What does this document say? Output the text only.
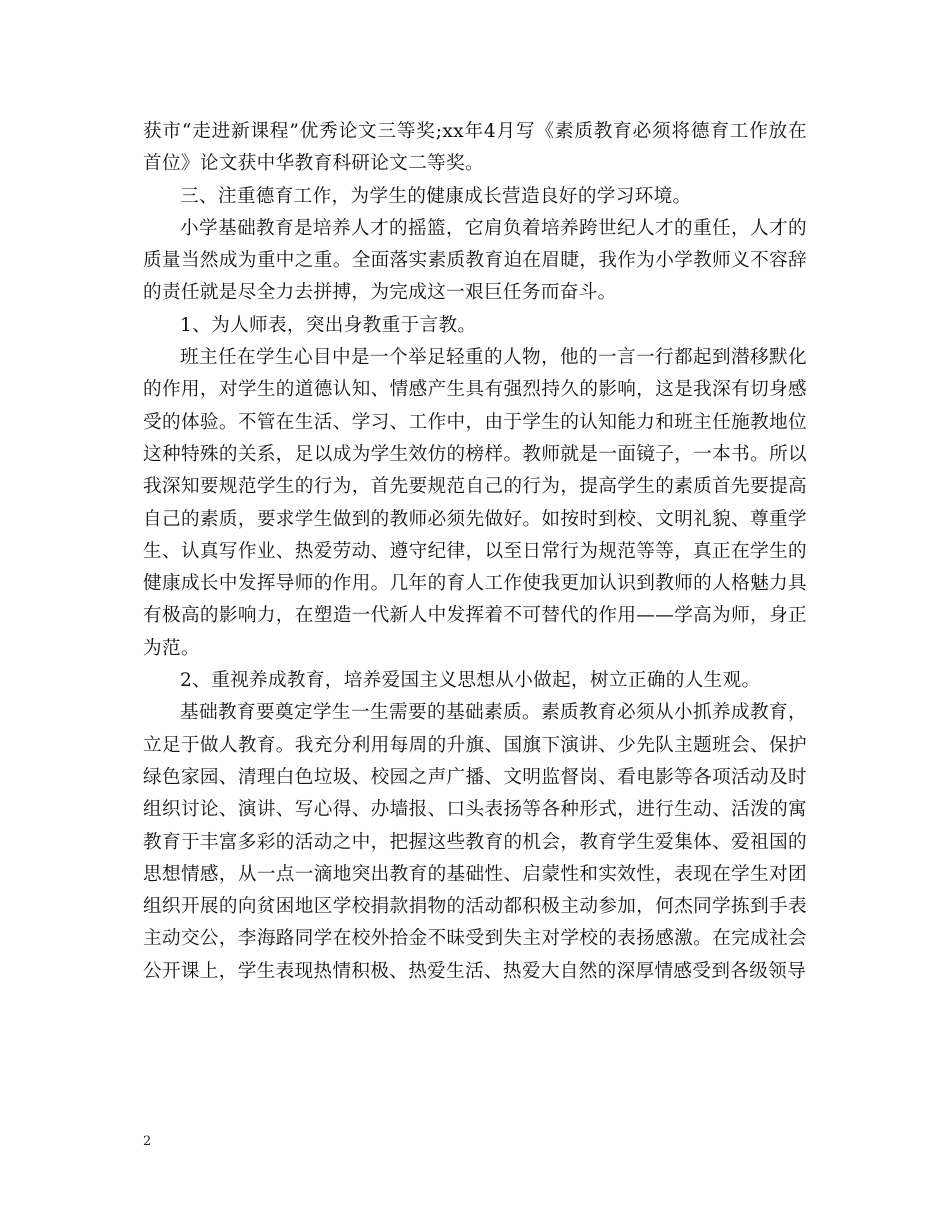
获市“走进新课程”优秀论文三等奖;xx年4月写《素质教育必须将德育工作放在首位》论文获中华教育科研论文二等奖。

三、注重德育工作，为学生的健康成长营造良好的学习环境。

小学基础教育是培养人才的摇篮，它肩负着培养跨世纪人才的重任，人才的质量当然成为重中之重。全面落实素质教育迫在眉睫，我作为小学教师义不容辞的责任就是尽全力去拼搏，为完成这一艰巨任务而奋斗。

1、为人师表，突出身教重于言教。

班主任在学生心目中是一个举足轻重的人物，他的一言一行都起到潜移默化的作用，对学生的道德认知、情感产生具有强烈持久的影响，这是我深有切身感受的体验。不管在生活、学习、工作中，由于学生的认知能力和班主任施教地位这种特殊的关系，足以成为学生效仿的榜样。教师就是一面镜子，一本书。所以我深知要规范学生的行为，首先要规范自己的行为，提高学生的素质首先要提高自己的素质，要求学生做到的教师必须先做好。如按时到校、文明礼貌、尊重学生、认真写作业、热爱劳动、遵守纪律，以至日常行为规范等等，真正在学生的健康成长中发挥导师的作用。几年的育人工作使我更加认识到教师的人格魅力具有极高的影响力，在塑造一代新人中发挥着不可替代的作用——学高为师，身正为范。

2、重视养成教育，培养爱国主义思想从小做起，树立正确的人生观。

基础教育要奠定学生一生需要的基础素质。素质教育必须从小抓养成教育，立足于做人教育。我充分利用每周的升旗、国旗下演讲、少先队主题班会、保护绿色家园、清理白色垃圾、校园之声广播、文明监督岗、看电影等各项活动及时组织讨论、演讲、写心得、办墙报、口头表扬等各种形式，进行生动、活泼的寓教育于丰富多彩的活动之中，把握这些教育的机会，教育学生爱集体、爱祖国的思想情感，从一点一滴地突出教育的基础性、启蒙性和实效性，表现在学生对团组织开展的向贫困地区学校捐款捐物的活动都积极主动参加，何杰同学拣到手表主动交公，李海路同学在校外拾金不昧受到失主对学校的表扬感激。在完成社会公开课上，学生表现热情积极、热爱生活、热爱大自然的深厚情感受到各级领导

2
